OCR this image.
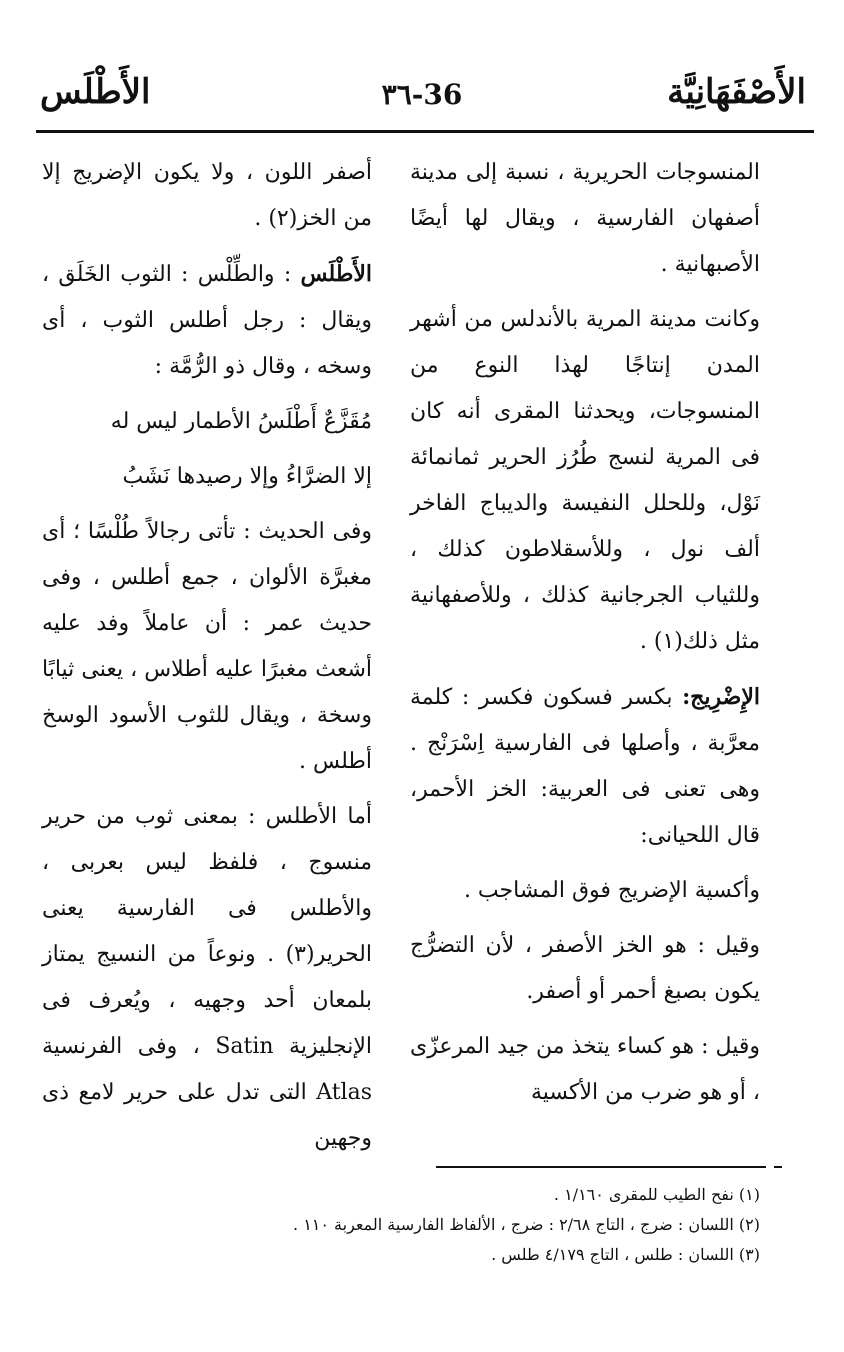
الأَصْفَهَانِيَّة
٣٦-36
الأَطْلَس

المنسوجات الحريرية ، نسبة إلى مدينة أصفهان الفارسية ، ويقال لها أيضًا الأصبهانية .

وكانت مدينة المرية بالأندلس من أشهر المدن إنتاجًا لهذا النوع من المنسوجات، ويحدثنا المقرى أنه كان فى المرية لنسج طُرُز الحرير ثمانمائة نَوْل، وللحلل النفيسة والديباج الفاخر ألف نول ، وللأسقلاطون كذلك ، وللثياب الجرجانية كذلك ، وللأصفهانية مثل ذلك(١) .

الإِضْرِيج: بكسر فسكون فكسر : كلمة معرَّبة ، وأصلها فى الفارسية اِسْرَنْج . وهى تعنى فى العربية: الخز الأحمر، قال اللحيانى:

وأكسية الإضريج فوق المشاجب .

وقيل : هو الخز الأصفر ، لأن التضرُّج يكون بصبغ أحمر أو أصفر.

وقيل : هو كساء يتخذ من جيد المرعزّى ، أو هو ضرب من الأكسية

أصفر اللون ، ولا يكون الإضريج إلا من الخز(٢) .

الأَطْلَس : والطِّلْس : الثوب الخَلَق ، ويقال : رجل أطلس الثوب ، أى وسخه ، وقال ذو الرُّمَّة :

مُقَزَّعٌ أَطْلَسُ الأطمار ليس له

إلا الضرَّاءُ وإلا رصيدها نَشَبُ

وفى الحديث : تأتى رجالاً طُلْسًا ؛ أى مغبرَّة الألوان ، جمع أطلس ، وفى حديث عمر : أن عاملاً وفد عليه أشعث مغبرًا عليه أطلاس ، يعنى ثيابًا وسخة ، ويقال للثوب الأسود الوسخ أطلس .

أما الأطلس : بمعنى ثوب من حرير منسوج ، فلفظ ليس بعربى ، والأطلس فى الفارسية يعنى الحرير(٣) . ونوعاً من النسيج يمتاز بلمعان أحد وجهيه ، ويُعرف فى الإنجليزية Satin ، وفى الفرنسية Atlas التى تدل على حرير لامع ذى وجهين

(١) نفح الطيب للمقرى ١/١٦٠ .
(٢) اللسان : ضرج ، التاج ٢/٦٨ : ضرج ، الألفاظ الفارسية المعربة ١١٠ .
(٣) اللسان : طلس ، التاج ٤/١٧٩ طلس .
